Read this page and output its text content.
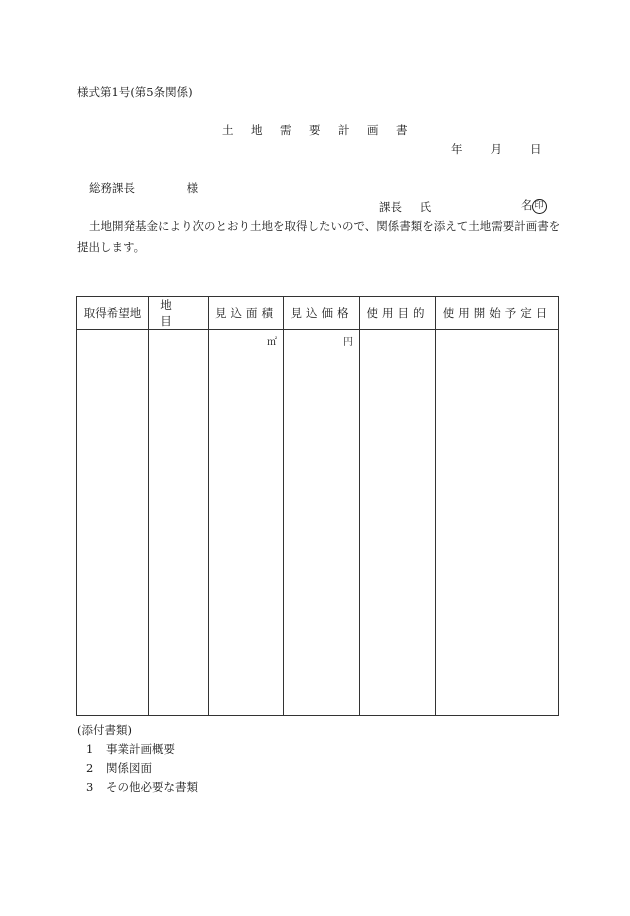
様式第1号(第5条関係)
土地需要計画書
年 月 日
総務課長	様
課長 氏	名 印
土地開発基金により次のとおり土地を取得したいので、関係書類を添えて土地需要計画書を提出します。
取得希望地	地目	見込面積	見込価格	使用目的	使用開始予定日

		㎡	円		

(添付書類)
1 事業計画概要
2 関係図面
3 その他必要な書類
